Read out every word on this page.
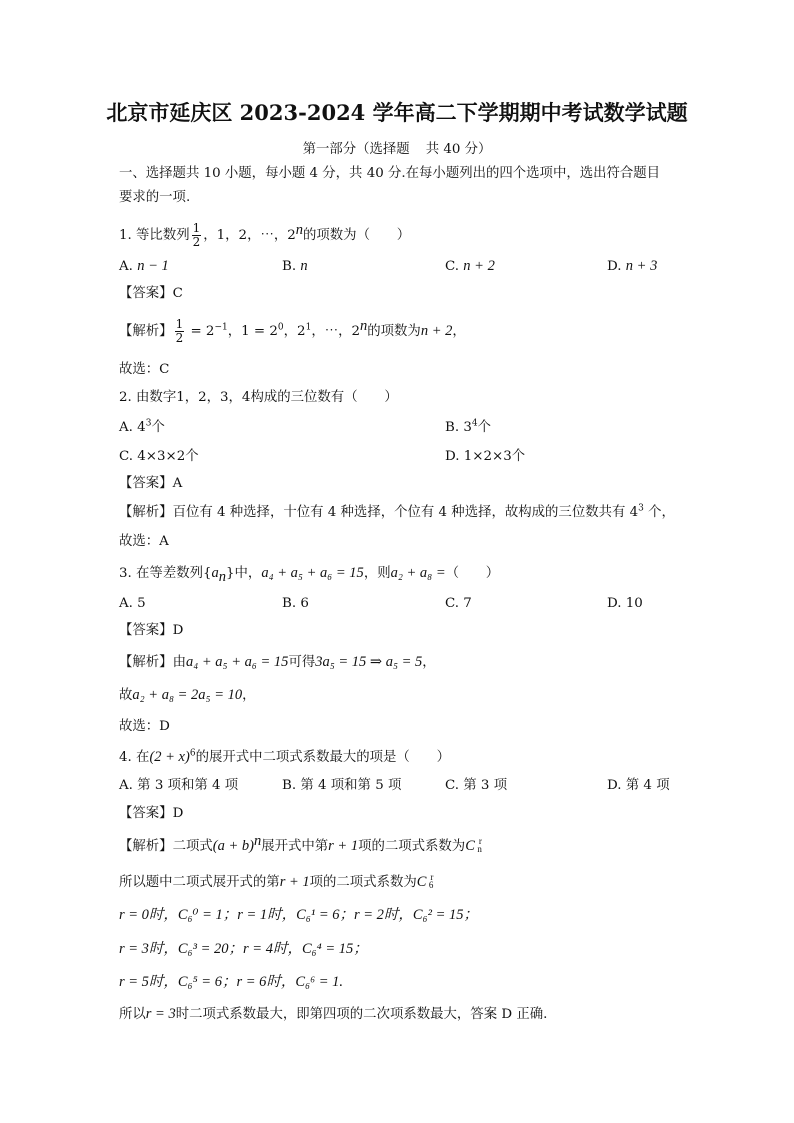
北京市延庆区 2023-2024 学年高二下学期期中考试数学试题
第一部分（选择题 共 40 分）
一、选择题共 10 小题，每小题 4 分，共 40 分.在每小题列出的四个选项中，选出符合题目
要求的一项.
1. 等比数列 $\frac{1}{2}$ ，1，2，⋯，2$^n$的项数为（　　）
A. n − 1	B. n	C. n + 2	D. n + 3
【答案】C
【解析】 $\frac{1}{2} = 2^{-1}$，$1 = 2^0$，$2^1$，⋯，2$^n$的项数为n + 2，
故选：C
2. 由数字1，2，3，4构成的三位数有（　　）
A. $4^3$个	B. $3^4$个
C. 4×3×2个	D. 1×2×3个
【答案】A
【解析】百位有 4 种选择，十位有 4 种选择，个位有 4 种选择，故构成的三位数共有 $4^3$ 个，
故选：A
3. 在等差数列$\{a_n\}$中，a₄ + a₅ + a₆ = 15，则a₂ + a₈ =（　　）
A. 5	B. 6	C. 7	D. 10
【答案】D
【解析】由a₄ + a₅ + a₆ = 15可得3a₅ = 15 ⇒ a₅ = 5，
故a₂ + a₈ = 2a₅ = 10，
故选：D
4. 在$(2 + x)^6$的展开式中二项式系数最大的项是（　　）
A. 第 3 项和第 4 项	B. 第 4 项和第 5 项	C. 第 3 项	D. 第 4 项
【答案】D
【解析】二项式$(a + b)^n$展开式中第r + 1项的二项式系数为C r
n
所以题中二项式展开式的第r + 1项的二项式系数为C r
6
r = 0时，C₆⁰ = 1；r = 1时，C₆¹ = 6；r = 2时，C₆² = 15；
r = 3时，C₆³ = 20；r = 4时，C₆⁴ = 15；
r = 5时，C₆⁵ = 6；r = 6时，C₆⁶ = 1.
所以r = 3时二项式系数最大，即第四项的二次项系数最大，答案 D 正确.
